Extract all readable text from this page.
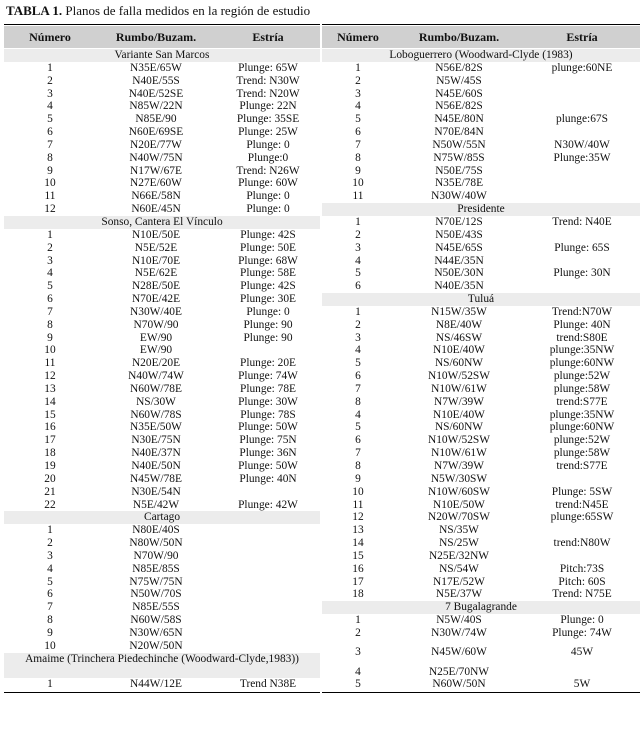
TABLA 1. Planos de falla medidos en la región de estudio
Número	Rumbo/Buzam.	Estría
Variante San Marcos
1	N35E/65W	Plunge: 65W
2	N40E/55S	Trend: N30W
3	N40E/52SE	Trend: N20W
4	N85W/22N	Plunge: 22N
5	N85E/90	Plunge: 35SE
6	N60E/69SE	Plunge: 25W
7	N20E/77W	Plunge: 0
8	N40W/75N	Plunge:0
9	N17W/67E	Trend: N26W
10	N27E/60W	Plunge: 60W
11	N66E/58N	Plunge: 0
12	N60E/45N	Plunge: 0
Sonso, Cantera El Vínculo
1	N10E/50E	Plunge: 42S
2	N5E/52E	Plunge: 50E
3	N10E/70E	Plunge: 68W
4	N5E/62E	Plunge: 58E
5	N28E/50E	Plunge: 42S
6	N70E/42E	Plunge: 30E
7	N30W/40E	Plunge: 0
8	N70W/90	Plunge: 90
9	EW/90	Plunge: 90
10	EW/90
11	N20E/20E	Plunge: 20E
12	N40W/74W	Plunge: 74W
13	N60W/78E	Plunge: 78E
14	NS/30W	Plunge: 30W
15	N60W/78S	Plunge: 78S
16	N35E/50W	Plunge: 50W
17	N30E/75N	Plunge: 75N
18	N40E/37N	Plunge: 36N
19	N40E/50N	Plunge: 50W
20	N45W/78E	Plunge: 40N
21	N30E/54N
22	N5E/42W	Plunge: 42W
Cartago
1	N80E/40S
2	N80W/50N
3	N70W/90
4	N85E/85S
5	N75W/75N
6	N50W/70S
7	N85E/55S
8	N60W/58S
9	N30W/65N
10	N20W/50N
Amaime (Trinchera Piedechinche (Woodward-Clyde,1983))
1	N44W/12E	Trend N38E
Número	Rumbo/Buzam.	Estría
Loboguerrero (Woodward-Clyde (1983)
1	N56E/82S	plunge:60NE
2	N5W/45S
3	N45E/60S
4	N56E/82S
5	N45E/80N	plunge:67S
6	N70E/84N
7	N50W/55N	N30W/40W
8	N75W/85S	Plunge:35W
9	N50E/75S
10	N35E/78E
11	N30W/40W
Presidente
1	N70E/12S	Trend: N40E
2	N50E/43S
3	N45E/65S	Plunge: 65S
4	N44E/35N
5	N50E/30N	Plunge: 30N
6	N40E/35N
Tuluá
1	N15W/35W	Trend:N70W
2	N8E/40W	Plunge: 40N
3	NS/46SW	trend:S80E
4	N10E/40W	plunge:35NW
5	NS/60NW	plunge:60NW
6	N10W/52SW	plunge:52W
7	N10W/61W	plunge:58W
8	N7W/39W	trend:S77E
4	N10E/40W	plunge:35NW
5	NS/60NW	plunge:60NW
6	N10W/52SW	plunge:52W
7	N10W/61W	plunge:58W
8	N7W/39W	trend:S77E
9	N5W/30SW
10	N10W/60SW	Plunge: 5SW
11	N10E/50W	trend:N45E
12	N20W/70SW	plunge:65SW
13	NS/35W
14	NS/25W	trend:N80W
15	N25E/32NW
16	NS/54W	Pitch:73S
17	N17E/52W	Pitch: 60S
18	N5E/37W	Trend: N75E
7 Bugalagrande
1	N5W/40S	Plunge: 0
2	N30W/74W	Plunge: 74W
3	N45W/60W	45W
4	N25E/70NW
5	N60W/50N	5W
